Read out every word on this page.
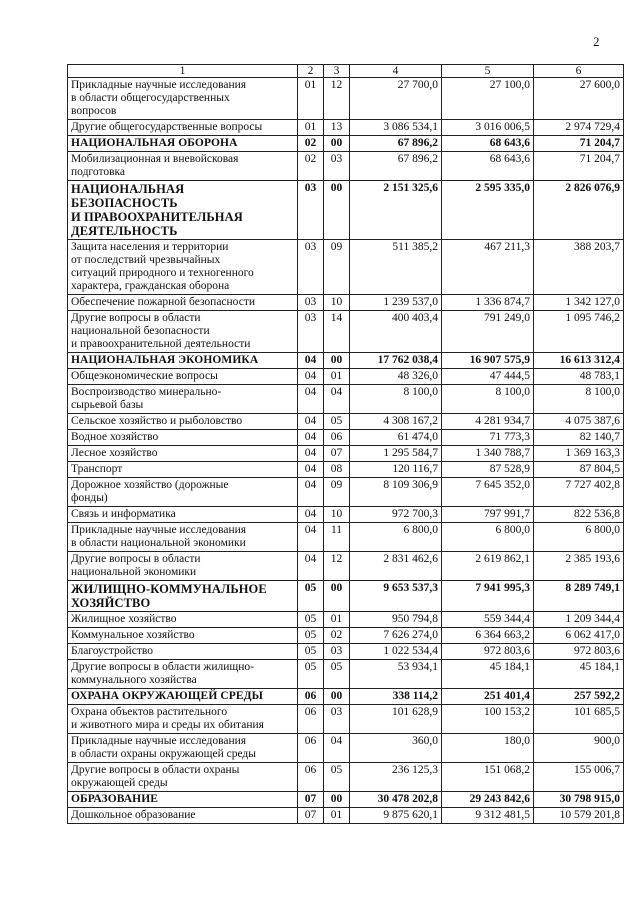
2
1	2	3	4	5	6

Прикладные научные исследования
в области общегосударственных
вопросов	01	12	27 700,0	27 100,0	27 600,0

Другие общегосударственные вопросы	01	13	3 086 534,1	3 016 006,5	2 974 729,4

НАЦИОНАЛЬНАЯ ОБОРОНА	02	00	67 896,2	68 643,6	71 204,7

Мобилизационная и вневойсковая
подготовка	02	03	67 896,2	68 643,6	71 204,7

НАЦИОНАЛЬНАЯ
БЕЗОПАСНОСТЬ
И ПРАВООХРАНИТЕЛЬНАЯ
ДЕЯТЕЛЬНОСТЬ	03	00	2 151 325,6	2 595 335,0	2 826 076,9

Защита населения и территории
от последствий чрезвычайных
ситуаций природного и техногенного
характера, гражданская оборона	03	09	511 385,2	467 211,3	388 203,7

Обеспечение пожарной безопасности	03	10	1 239 537,0	1 336 874,7	1 342 127,0

Другие вопросы в области
национальной безопасности
и правоохранительной деятельности	03	14	400 403,4	791 249,0	1 095 746,2

НАЦИОНАЛЬНАЯ ЭКОНОМИКА	04	00	17 762 038,4	16 907 575,9	16 613 312,4

Общеэкономические вопросы	04	01	48 326,0	47 444,5	48 783,1

Воспроизводство минерально-
сырьевой базы	04	04	8 100,0	8 100,0	8 100,0

Сельское хозяйство и рыболовство	04	05	4 308 167,2	4 281 934,7	4 075 387,6

Водное хозяйство	04	06	61 474,0	71 773,3	82 140,7

Лесное хозяйство	04	07	1 295 584,7	1 340 788,7	1 369 163,3

Транспорт	04	08	120 116,7	87 528,9	87 804,5

Дорожное хозяйство (дорожные
фонды)	04	09	8 109 306,9	7 645 352,0	7 727 402,8

Связь и информатика	04	10	972 700,3	797 991,7	822 536,8

Прикладные научные исследования
в области национальной экономики	04	11	6 800,0	6 800,0	6 800,0

Другие вопросы в области
национальной экономики	04	12	2 831 462,6	2 619 862,1	2 385 193,6

ЖИЛИЩНО-КОММУНАЛЬНОЕ
ХОЗЯЙСТВО	05	00	9 653 537,3	7 941 995,3	8 289 749,1

Жилищное хозяйство	05	01	950 794,8	559 344,4	1 209 344,4

Коммунальное хозяйство	05	02	7 626 274,0	6 364 663,2	6 062 417,0

Благоустройство	05	03	1 022 534,4	972 803,6	972 803,6

Другие вопросы в области жилищно-
коммунального хозяйства	05	05	53 934,1	45 184,1	45 184,1

ОХРАНА ОКРУЖАЮЩЕЙ СРЕДЫ	06	00	338 114,2	251 401,4	257 592,2

Охрана объектов растительного
и животного мира и среды их обитания	06	03	101 628,9	100 153,2	101 685,5

Прикладные научные исследования
в области охраны окружающей среды	06	04	360,0	180,0	900,0

Другие вопросы в области охраны
окружающей среды	06	05	236 125,3	151 068,2	155 006,7

ОБРАЗОВАНИЕ	07	00	30 478 202,8	29 243 842,6	30 798 915,0

Дошкольное образование	07	01	9 875 620,1	9 312 481,5	10 579 201,8
